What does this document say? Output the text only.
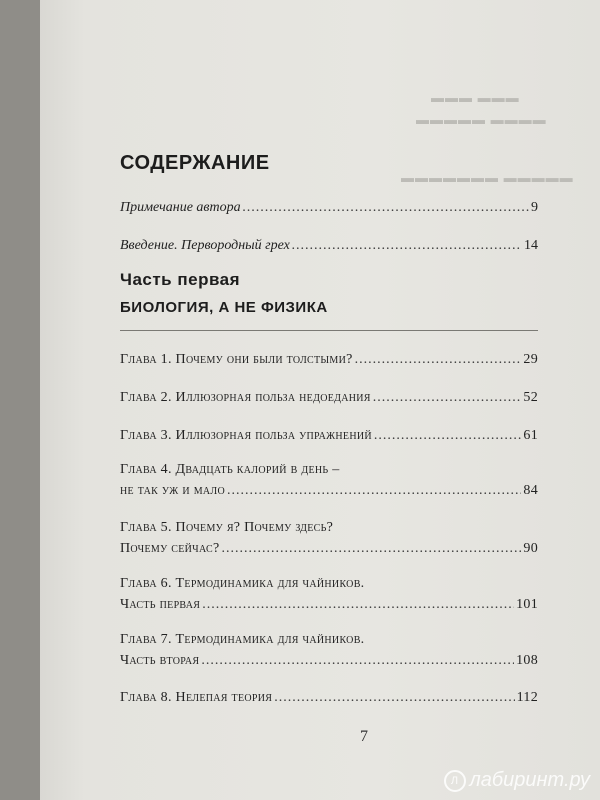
▬▬▬ ▬▬▬
▬▬▬▬ ▬▬▬▬▬
▬▬▬▬▬ ▬▬▬▬▬▬▬
СОДЕРЖАНИЕ
Примечание автора .....	9
Введение. Первородный грех .....	14
Часть первая
БИОЛОГИЯ, А НЕ ФИЗИКА
Глава 1. Почему они были толстыми? .....	29
Глава 2. Иллюзорная польза недоедания .....	52
Глава 3. Иллюзорная польза упражнений .....	61
Глава 4. Двадцать калорий в день –
не так уж и мало .....	84
Глава 5. Почему я? Почему здесь?
Почему сейчас? .....	90
Глава 6. Термодинамика для чайников.
Часть первая .....	101
Глава 7. Термодинамика для чайников.
Часть вторая .....	108
Глава 8. Нелепая теория .....	112
7
Л лабиринт.ру
